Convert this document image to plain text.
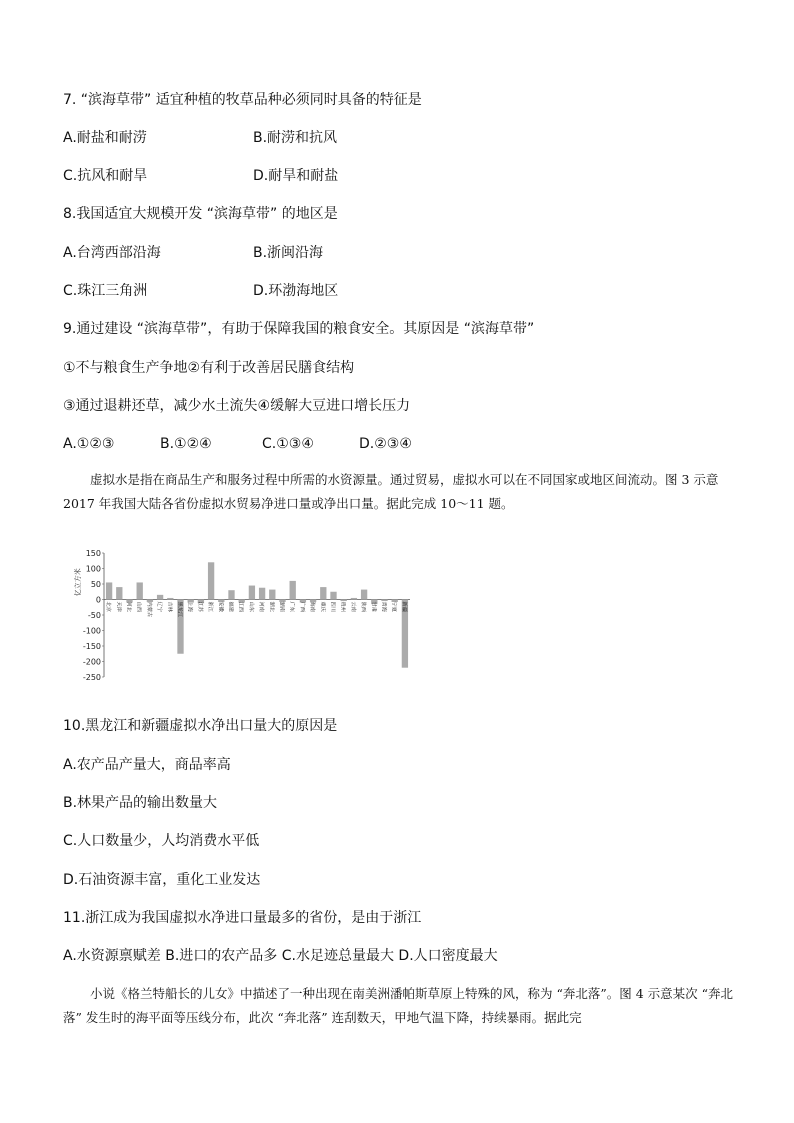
7. “滨海草带” 适宜种植的牧草品种必须同时具备的特征是
A.耐盐和耐涝	B.耐涝和抗风
C.抗风和耐旱	D.耐旱和耐盐
8.我国适宜大规模开发 “滨海草带” 的地区是
A.台湾西部沿海	B.浙闽沿海
C.珠江三角洲	D.环渤海地区
9.通过建设 “滨海草带”，有助于保障我国的粮食安全。其原因是 “滨海草带”
①不与粮食生产争地②有利于改善居民膳食结构
③通过退耕还草，减少水土流失④缓解大豆进口增长压力
A.①②③	B.①②④	C.①③④	D.②③④
虚拟水是指在商品生产和服务过程中所需的水资源量。通过贸易，虚拟水可以在不同国家或地区间流动。图 3 示意 2017 年我国大陆各省份虚拟水贸易净进口量或净出口量。据此完成 10～11 题。
亿立方米
150
100
50
0
-50
-100
-150
-200
-250
北京 天津 河北 山西 内蒙古 辽宁 吉林 黑龙江 上海 江苏 浙江 安徽 福建 江西 山东 河南 湖北 湖南 广东 广西 海南 重庆 四川 贵州 云南 陕西 甘肃 青海 宁夏 新疆
10.黑龙江和新疆虚拟水净出口量大的原因是
A.农产品产量大，商品率高
B.林果产品的输出数量大
C.人口数量少，人均消费水平低
D.石油资源丰富，重化工业发达
11.浙江成为我国虚拟水净进口量最多的省份，是由于浙江
A.水资源禀赋差 B.进口的农产品多 C.水足迹总量最大 D.人口密度最大
小说《格兰特船长的儿女》中描述了一种出现在南美洲潘帕斯草原上特殊的风，称为 “奔北落”。图 4 示意某次 “奔北落” 发生时的海平面等压线分布，此次 “奔北落” 连刮数天，甲地气温下降，持续暴雨。据此完
